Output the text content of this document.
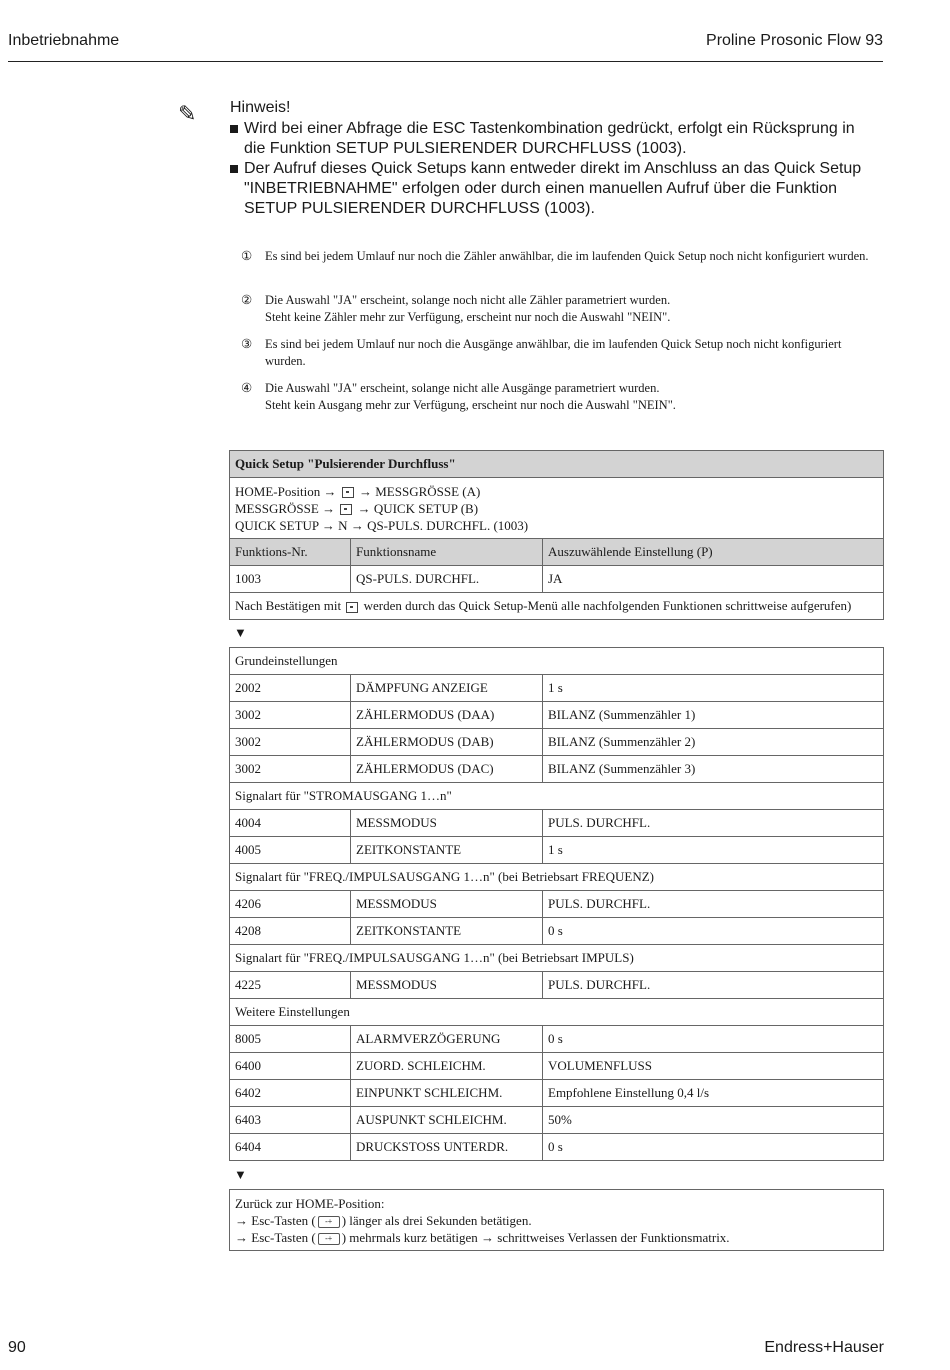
Inbetriebnahme	Proline Prosonic Flow 93
✎ Hinweis!
Wird bei einer Abfrage die ESC Tastenkombination gedrückt, erfolgt ein Rücksprung in die Funktion SETUP PULSIERENDER DURCHFLUSS (1003).
Der Aufruf dieses Quick Setups kann entweder direkt im Anschluss an das Quick Setup "INBETRIEBNAHME" erfolgen oder durch einen manuellen Aufruf über die Funktion SETUP PULSIERENDER DURCHFLUSS (1003).
① Es sind bei jedem Umlauf nur noch die Zähler anwählbar, die im laufenden Quick Setup noch nicht konfiguriert wurden.
② Die Auswahl "JA" erscheint, solange noch nicht alle Zähler parametriert wurden.
Steht keine Zähler mehr zur Verfügung, erscheint nur noch die Auswahl "NEIN".
③ Es sind bei jedem Umlauf nur noch die Ausgänge anwählbar, die im laufenden Quick Setup noch nicht konfiguriert wurden.
④ Die Auswahl "JA" erscheint, solange nicht alle Ausgänge parametriert wurden.
Steht kein Ausgang mehr zur Verfügung, erscheint nur noch die Auswahl "NEIN".
Quick Setup "Pulsierender Durchfluss"		
HOME-Position → → MESSGRÖSSE (A)
MESSGRÖSSE → → QUICK SETUP (B)
QUICK SETUP → N → QS-PULS. DURCHFL. (1003)		
Funktions-Nr.	Funktionsname	Auszuwählende Einstellung (P)
1003	QS-PULS. DURCHFL.	JA
Nach Bestätigen mit werden durch das Quick Setup-Menü alle nachfolgenden Funktionen schrittweise aufgerufen)		
▼
Grundeinstellungen		
2002	DÄMPFUNG ANZEIGE	1 s
3002	ZÄHLERMODUS (DAA)	BILANZ (Summenzähler 1)
3002	ZÄHLERMODUS (DAB)	BILANZ (Summenzähler 2)
3002	ZÄHLERMODUS (DAC)	BILANZ (Summenzähler 3)
Signalart für "STROMAUSGANG 1…n"		
4004	MESSMODUS	PULS. DURCHFL.
4005	ZEITKONSTANTE	1 s
Signalart für "FREQ./IMPULSAUSGANG 1…n" (bei Betriebsart FREQUENZ)		
4206	MESSMODUS	PULS. DURCHFL.
4208	ZEITKONSTANTE	0 s
Signalart für "FREQ./IMPULSAUSGANG 1…n" (bei Betriebsart IMPULS)		
4225	MESSMODUS	PULS. DURCHFL.
Weitere Einstellungen		
8005	ALARMVERZÖGERUNG	0 s
6400	ZUORD. SCHLEICHM.	VOLUMENFLUSS
6402	EINPUNKT SCHLEICHM.	Empfohlene Einstellung 0,4 l/s
6403	AUSPUNKT SCHLEICHM.	50%
6404	DRUCKSTOSS UNTERDR.	0 s
▼
Zurück zur HOME-Position:
→ Esc-Tasten ( -+ ) länger als drei Sekunden betätigen.
→ Esc-Tasten ( -+ ) mehrmals kurz betätigen → schrittweises Verlassen der Funktionsmatrix.
90	Endress+Hauser
